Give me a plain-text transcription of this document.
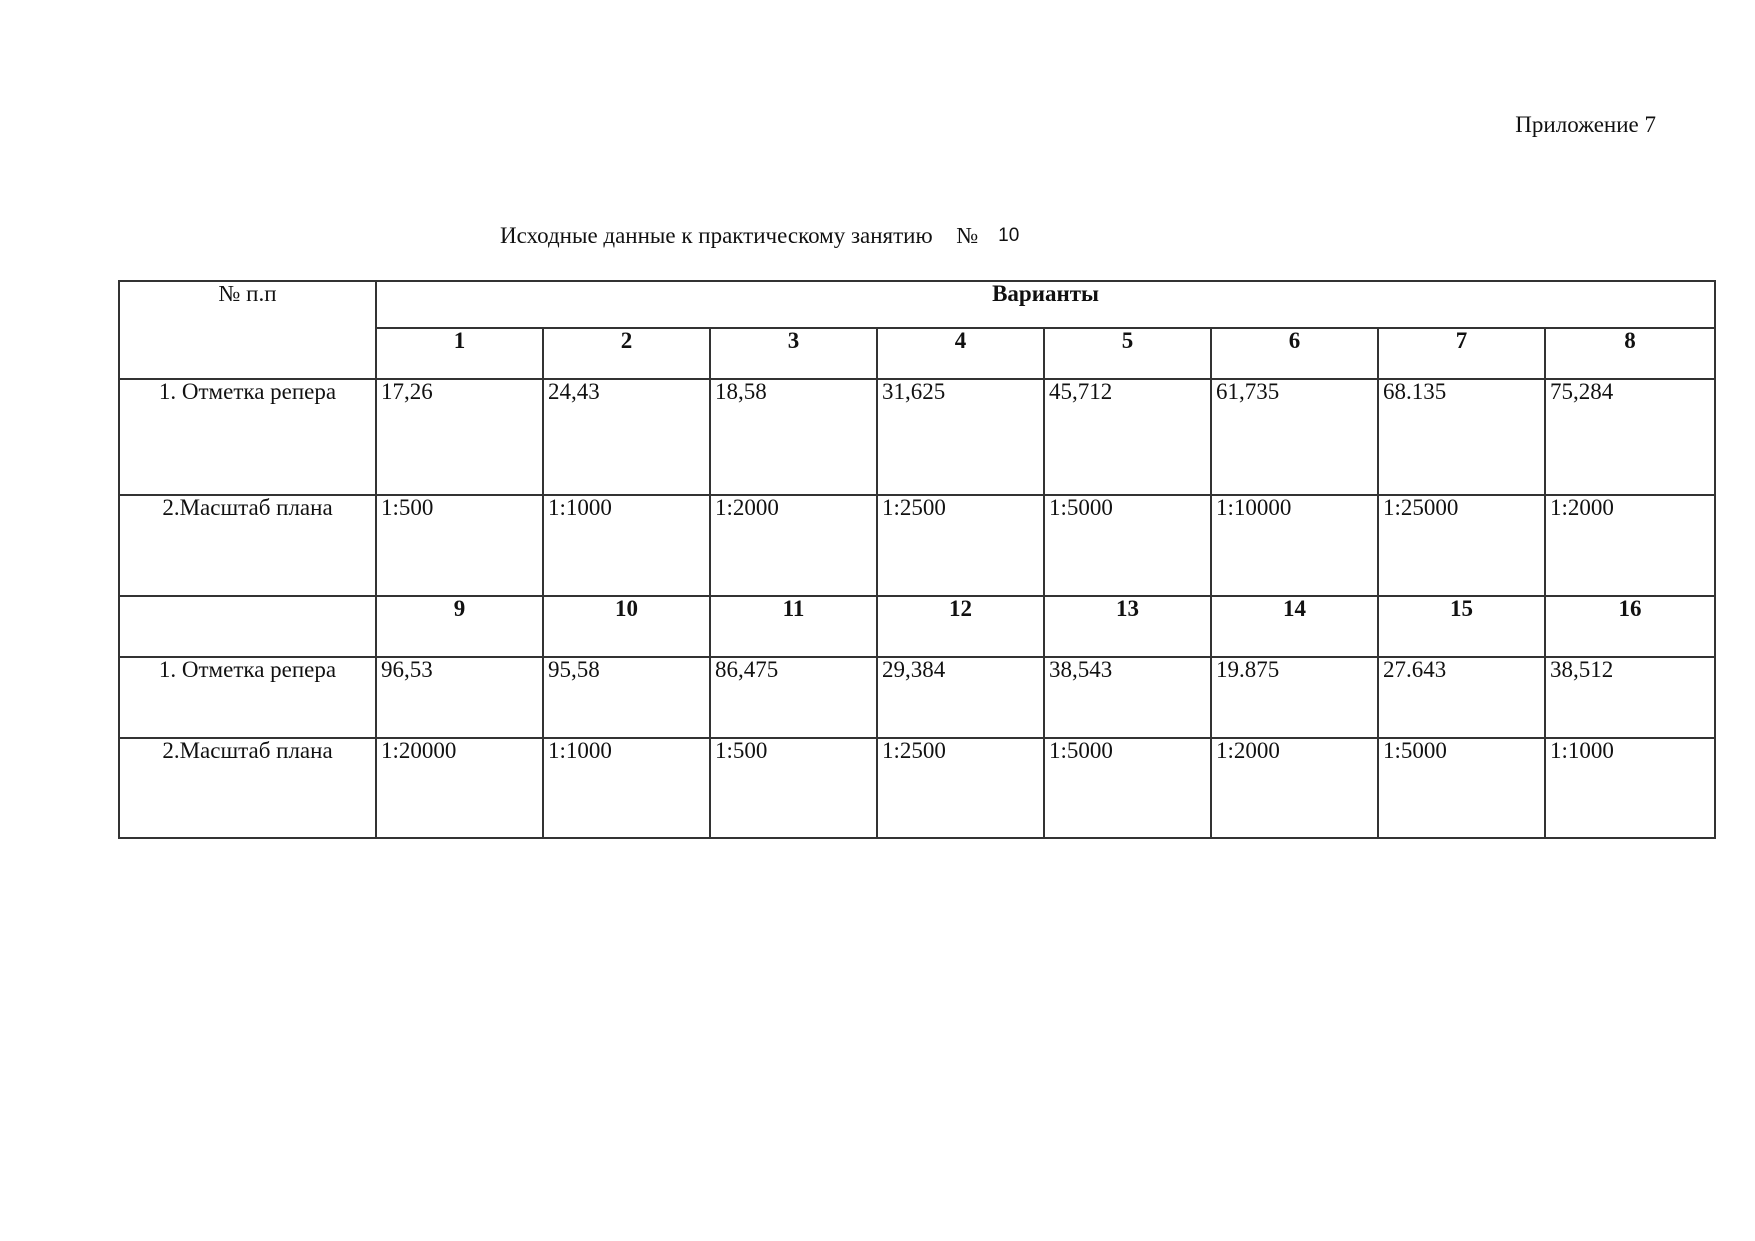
Приложение 7
Исходные данные к практическому занятию № 10
№ п.п	Варианты							
	1	2	3	4	5	6	7	8
1. Отметка репера	17,26	24,43	18,58	31,625	45,712	61,735	68.135	75,284
2.Масштаб плана	1:500	1:1000	1:2000	1:2500	1:5000	1:10000	1:25000	1:2000
	9	10	11	12	13	14	15	16
1. Отметка репера	96,53	95,58	86,475	29,384	38,543	19.875	27.643	38,512
2.Масштаб плана	1:20000	1:1000	1:500	1:2500	1:5000	1:2000	1:5000	1:1000
